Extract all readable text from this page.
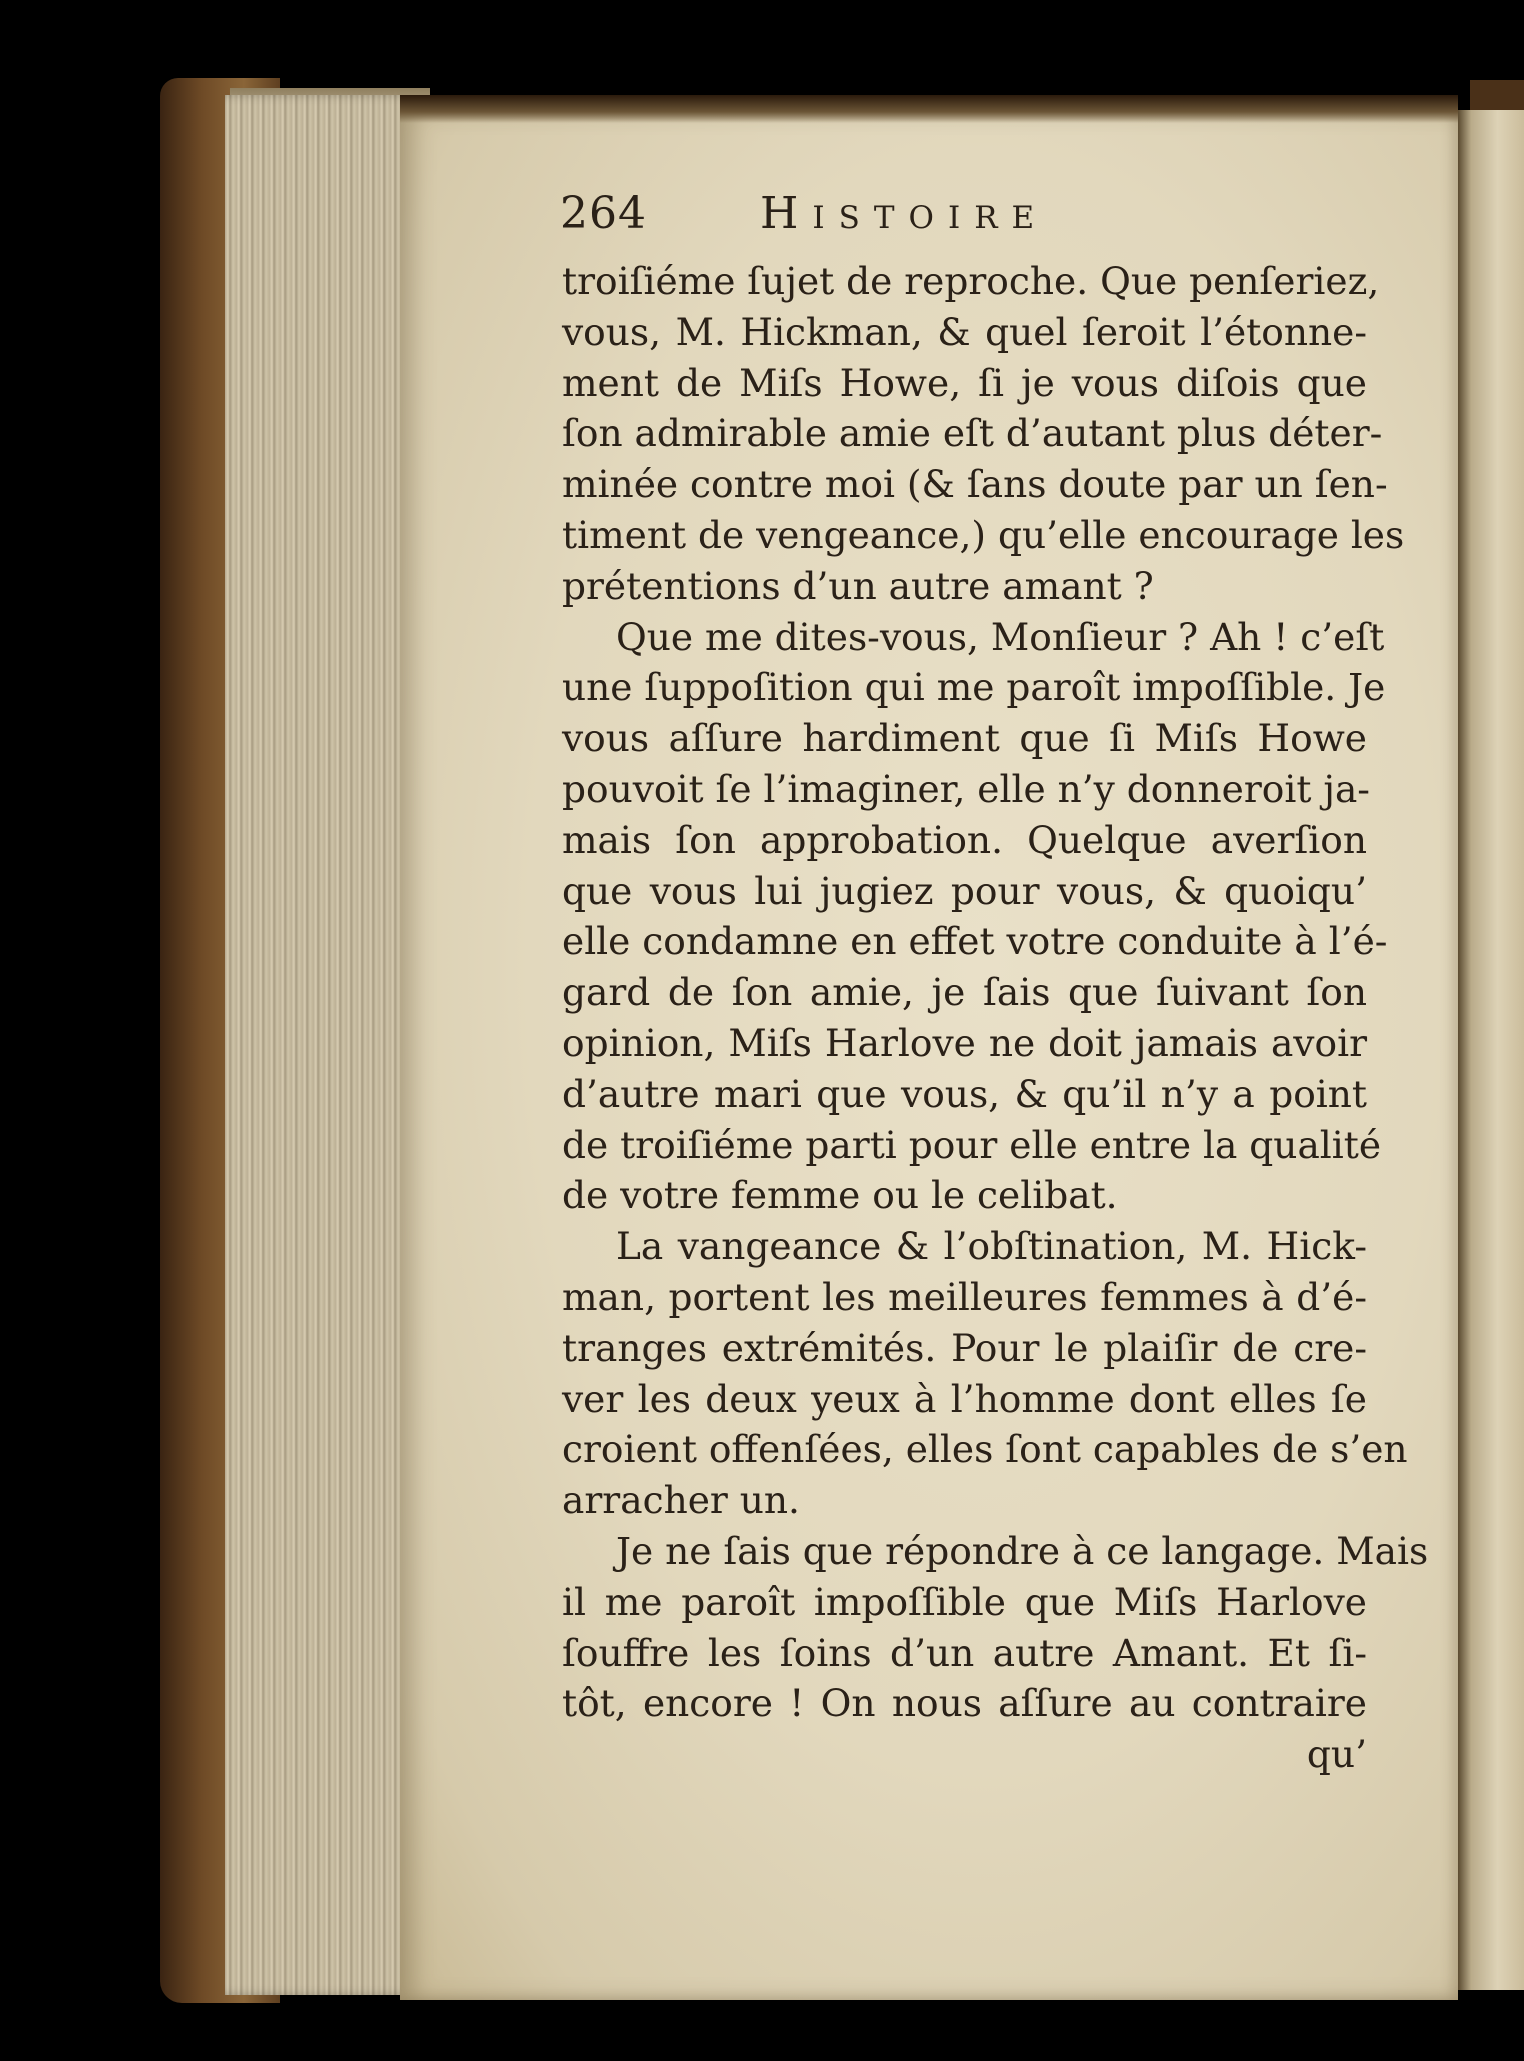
264	Histoire
troiſiéme ſujet de reproche. Que penſeriez,
vous, M. Hickman, & quel ſeroit l’étonne-
ment de Miſs Howe, ſi je vous diſois que
ſon admirable amie eſt d’autant plus déter-
minée contre moi (& ſans doute par un ſen-
timent de vengeance,) qu’elle encourage les
prétentions d’un autre amant ?
Que me dites-vous, Monſieur ? Ah ! c’eſt
une ſuppoſition qui me paroît impoſſible. Je
vous aſſure hardiment que ſi Miſs Howe
pouvoit ſe l’imaginer, elle n’y donneroit ja-
mais ſon approbation. Quelque averſion
que vous lui jugiez pour vous, & quoiqu’
elle condamne en effet votre conduite à l’é-
gard de ſon amie, je ſais que ſuivant ſon
opinion, Miſs Harlove ne doit jamais avoir
d’autre mari que vous, & qu’il n’y a point
de troiſiéme parti pour elle entre la qualité
de votre femme ou le celibat.
La vangeance & l’obſtination, M. Hick-
man, portent les meilleures femmes à d’é-
tranges extrémités. Pour le plaiſir de cre-
ver les deux yeux à l’homme dont elles ſe
croient offenſées, elles ſont capables de s’en
arracher un.
Je ne ſais que répondre à ce langage. Mais
il me paroît impoſſible que Miſs Harlove
ſouffre les ſoins d’un autre Amant. Et ſi-
tôt, encore ! On nous aſſure au contraire
qu’
